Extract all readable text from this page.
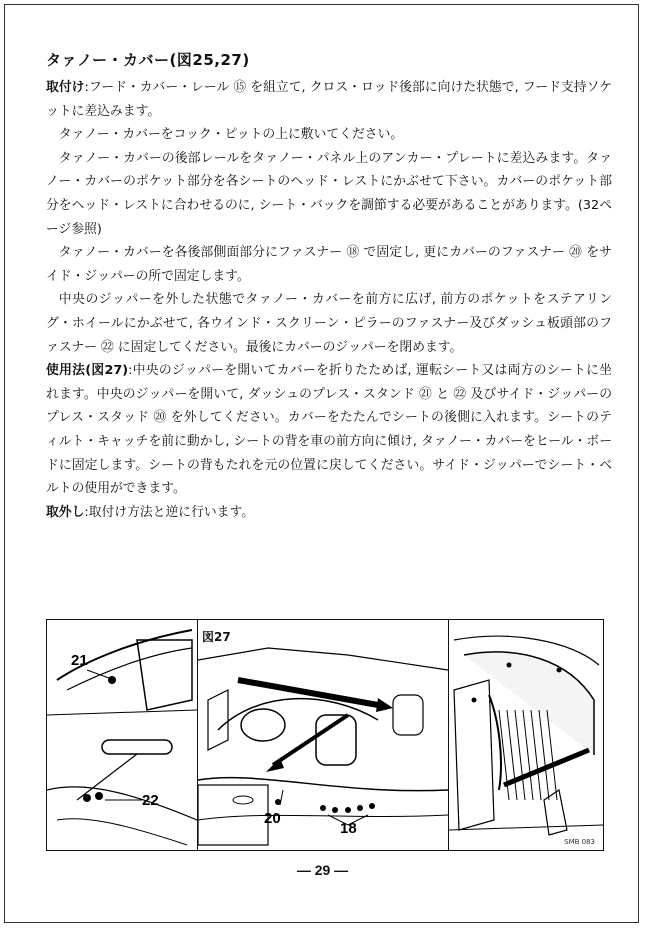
タァノー・カバー(図25,27)

取付け:フード・カバー・レール ⑮ を組立て, クロス・ロッド後部に向けた状態で, フード支持ソケットに差込みます。

タァノー・カバーをコック・ピットの上に敷いてください。

タァノー・カバーの後部レールをタァノー・パネル上のアンカー・プレートに差込みます。タァノー・カバーのポケット部分を各シートのヘッド・レストにかぶせて下さい。カバーのポケット部分をヘッド・レストに合わせるのに, シート・バックを調節する必要があることがあります。(32ページ参照)

タァノー・カバーを各後部側面部分にファスナー ⑱ で固定し, 更にカバーのファスナー ⑳ をサイド・ジッパーの所で固定します。

中央のジッパーを外した状態でタァノー・カバーを前方に広げ, 前方のポケットをステアリング・ホイールにかぶせて, 各ウインド・スクリーン・ピラーのファスナー及びダッシュ板頭部のファスナー ㉒ に固定してください。最後にカバーのジッパーを閉めます。

使用法(図27):中央のジッパーを開いてカバーを折りたためば, 運転シート又は両方のシートに坐れます。中央のジッパーを開いて, ダッシュのプレス・スタンド ㉑ と ㉒ 及びサイド・ジッパーのプレス・スタッド ⑳ を外してください。カバーをたたんでシートの後側に入れます。シートのティルト・キャッチを前に動かし, シートの背を車の前方向に傾け, タァノー・カバーをヒール・ボードに固定します。シートの背もたれを元の位置に戻してください。サイド・ジッパーでシート・ベルトの使用ができます。

取外し:取付け方法と逆に行います。

21
22
図27
20
18
SMB 083
— 29 —
